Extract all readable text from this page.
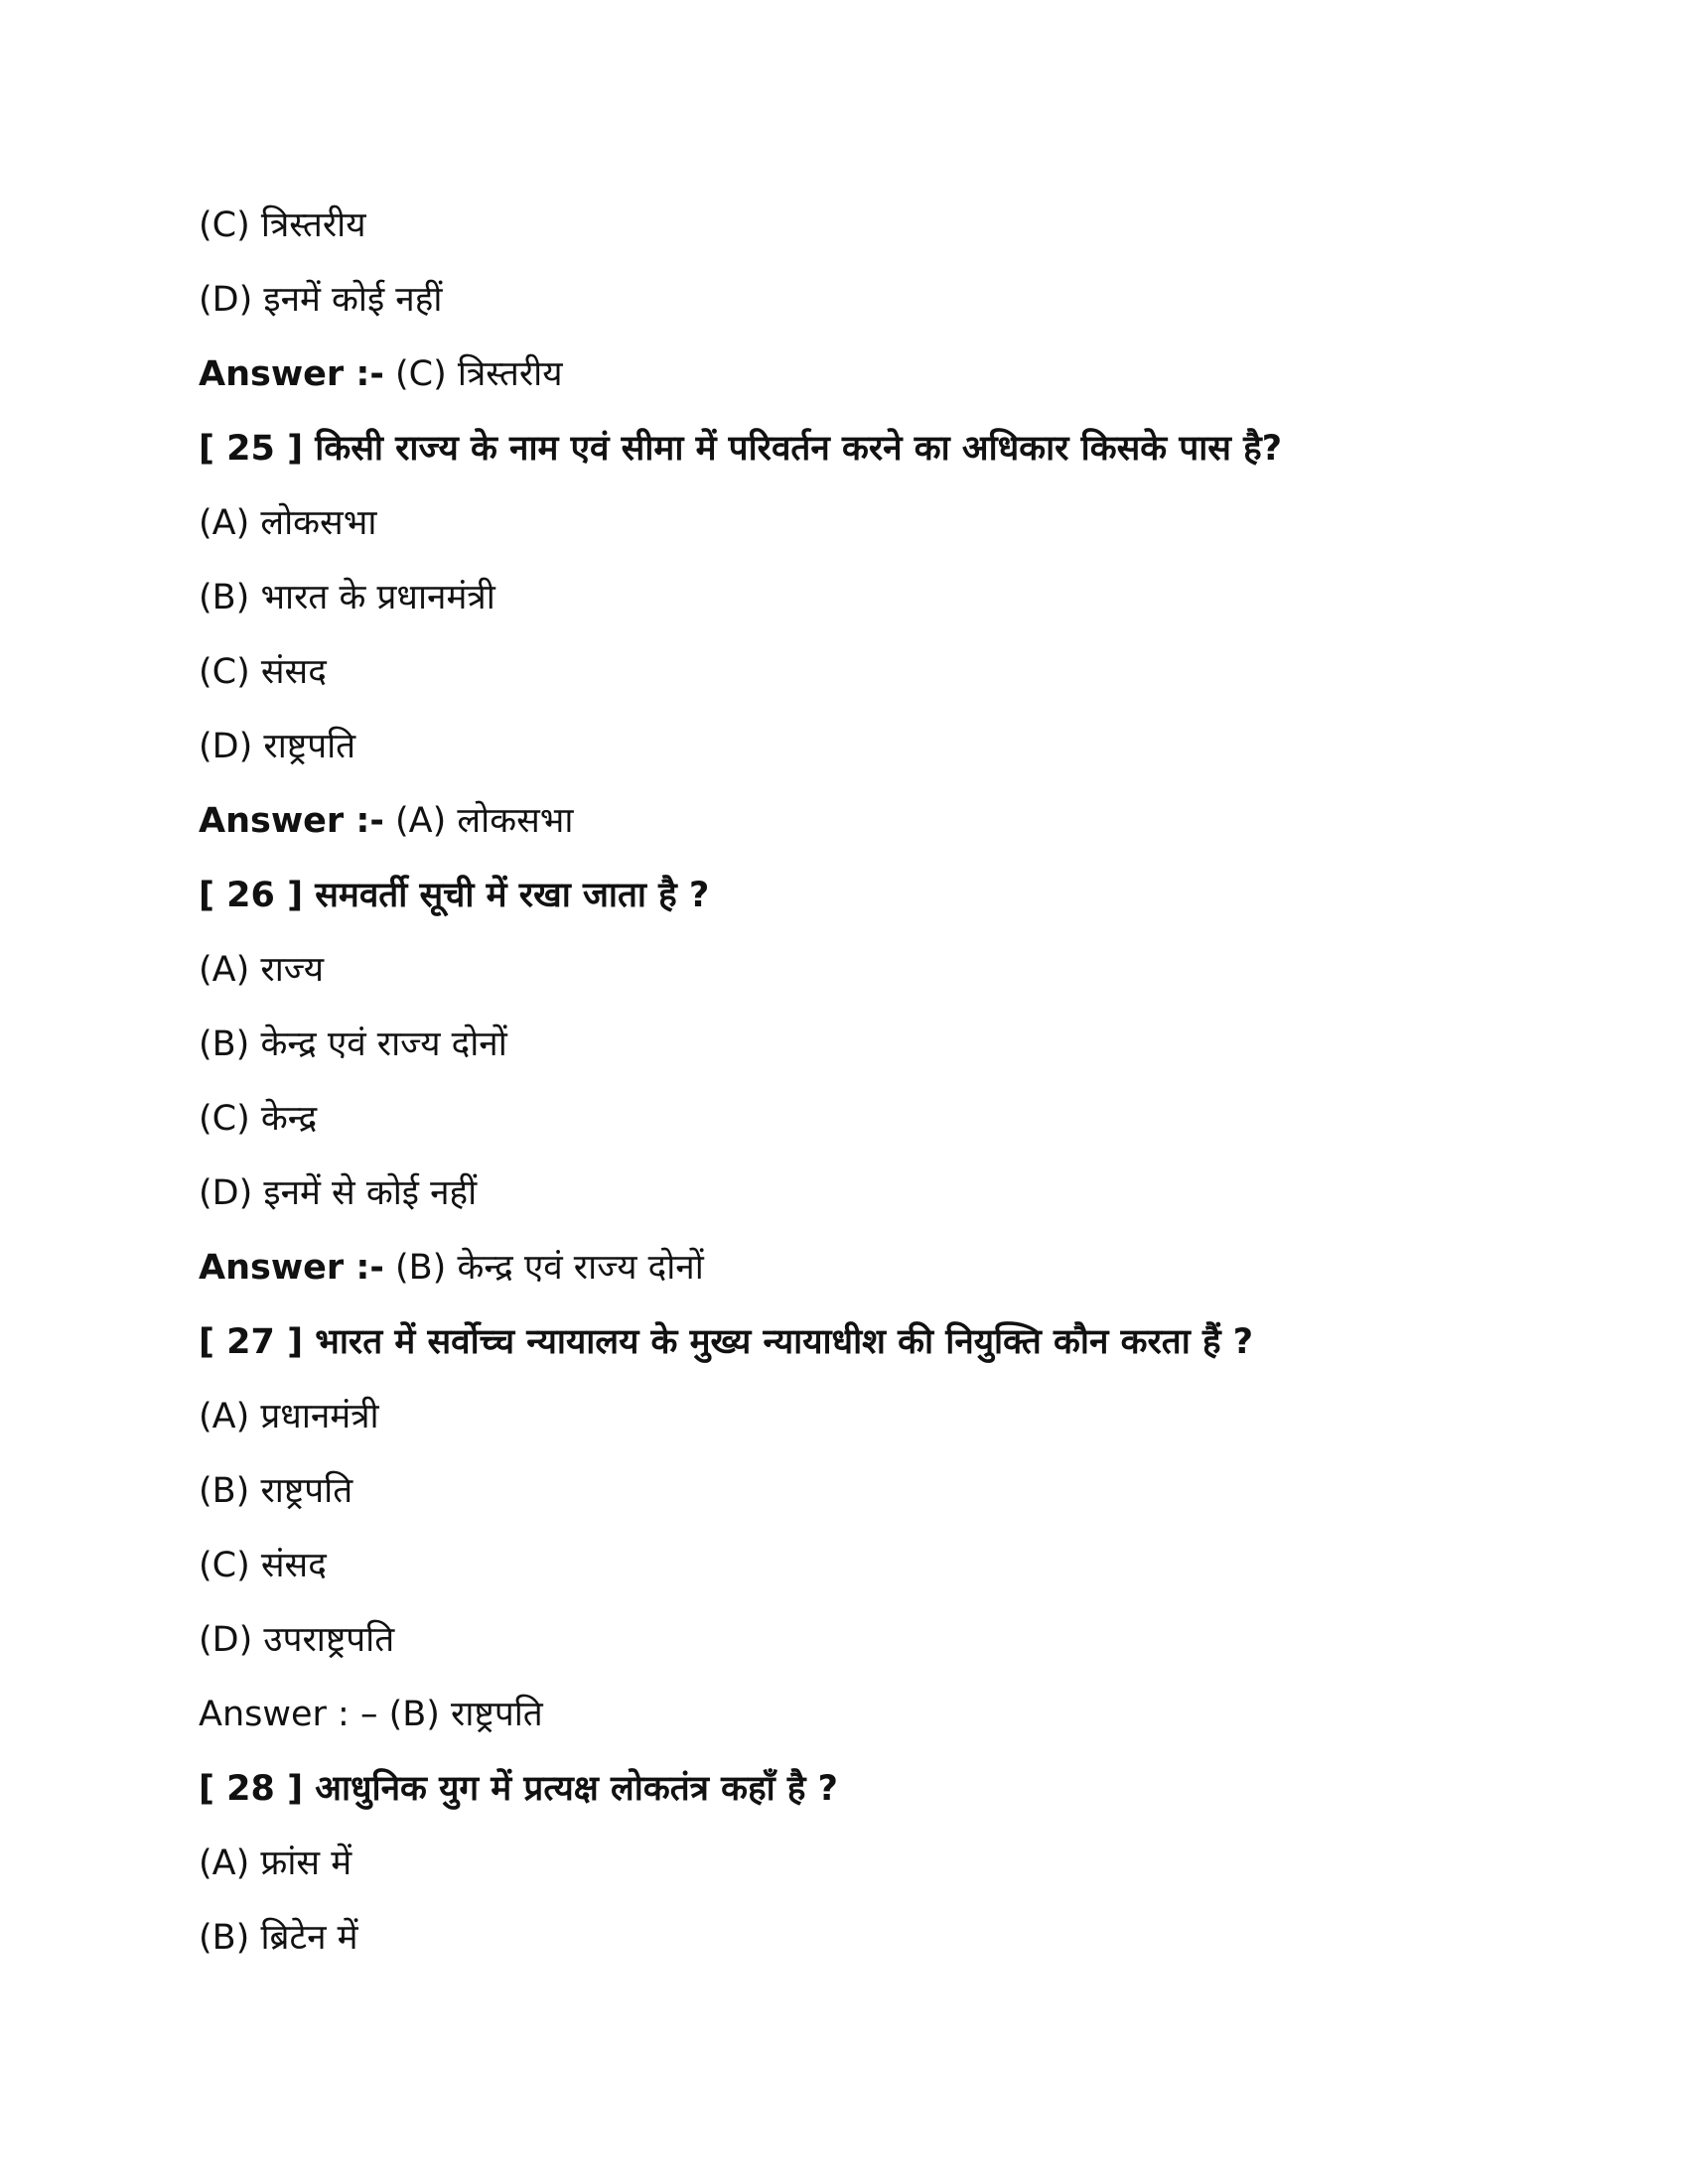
(C) त्रिस्तरीय
(D) इनमें कोई नहीं
Answer :- (C) त्रिस्तरीय
[ 25 ] किसी राज्य के नाम एवं सीमा में परिवर्तन करने का अधिकार किसके पास है?
(A) लोकसभा
(B) भारत के प्रधानमंत्री
(C) संसद
(D) राष्ट्रपति
Answer :- (A) लोकसभा
[ 26 ] समवर्ती सूची में रखा जाता है ?
(A) राज्य
(B) केन्द्र एवं राज्य दोनों
(C) केन्द्र
(D) इनमें से कोई नहीं
Answer :- (B) केन्द्र एवं राज्य दोनों
[ 27 ] भारत में सर्वोच्च न्यायालय के मुख्य न्यायाधीश की नियुक्ति कौन करता हैं ?
(A) प्रधानमंत्री
(B) राष्ट्रपति
(C) संसद
(D) उपराष्ट्रपति
Answer : – (B) राष्ट्रपति
[ 28 ] आधुनिक युग में प्रत्यक्ष लोकतंत्र कहाँ है ?
(A) फ्रांस में
(B) ब्रिटेन में
